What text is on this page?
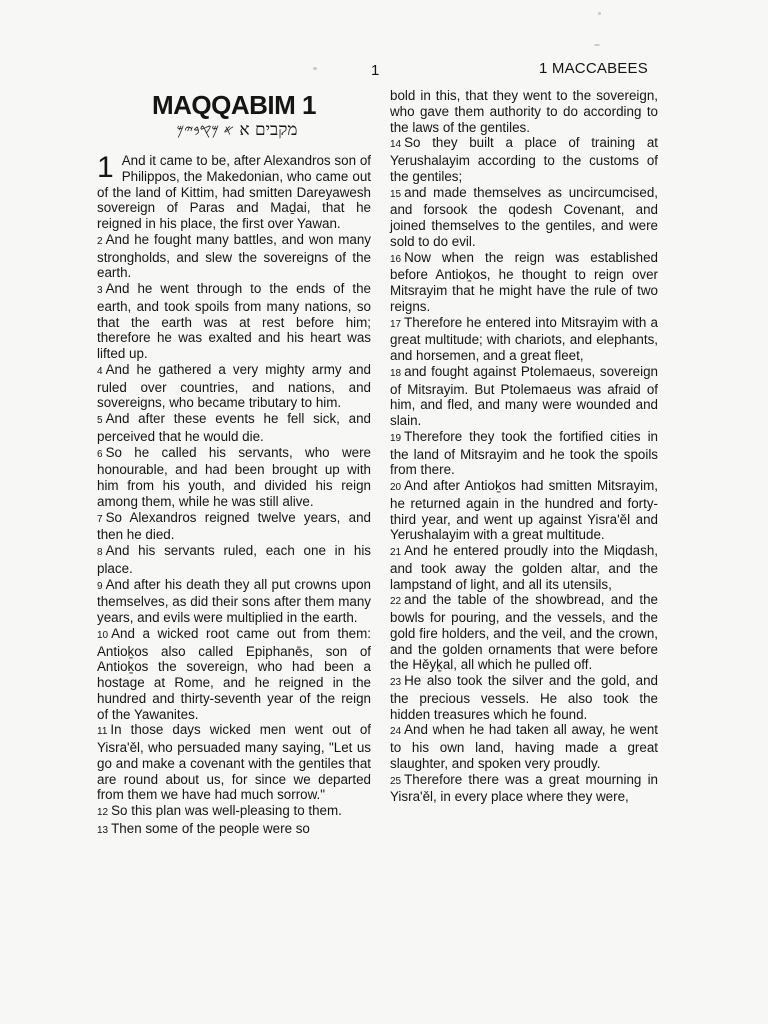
1	1 MACCABEES

MAQQABIM 1

מקבים א 𐤀 𐤌𐤒𐤁𐤉𐤌

1 And it came to be, after Alexandros son of Philippos, the Makedonian, who came out of the land of Kittim, had smitten Dareyawesh sovereign of Paras and Maḏai, that he reigned in his place, the first over Yawan.

2 And he fought many battles, and won many strongholds, and slew the sovereigns of the earth.

3 And he went through to the ends of the earth, and took spoils from many nations, so that the earth was at rest before him; therefore he was exalted and his heart was lifted up.

4 And he gathered a very mighty army and ruled over countries, and nations, and sovereigns, who became tributary to him.

5 And after these events he fell sick, and perceived that he would die.

6 So he called his servants, who were honourable, and had been brought up with him from his youth, and divided his reign among them, while he was still alive.

7 So Alexandros reigned twelve years, and then he died.

8 And his servants ruled, each one in his place.

9 And after his death they all put crowns upon themselves, as did their sons after them many years, and evils were multiplied in the earth.

10 And a wicked root came out from them: Antioḵos also called Epiphanēs, son of Antioḵos the sovereign, who had been a hostage at Rome, and he reigned in the hundred and thirty-seventh year of the reign of the Yawanites.

11 In those days wicked men went out of Yisra'ěl, who persuaded many saying, "Let us go and make a covenant with the gentiles that are round about us, for since we departed from them we have had much sorrow."

12 So this plan was well-pleasing to them.

13 Then some of the people were so

bold in this, that they went to the sovereign, who gave them authority to do according to the laws of the gentiles.

14 So they built a place of training at Yerushalayim according to the customs of the gentiles;

15 and made themselves as uncircumcised, and forsook the qodesh Covenant, and joined themselves to the gentiles, and were sold to do evil.

16 Now when the reign was established before Antioḵos, he thought to reign over Mitsrayim that he might have the rule of two reigns.

17 Therefore he entered into Mitsrayim with a great multitude; with chariots, and elephants, and horsemen, and a great fleet,

18 and fought against Ptolemaeus, sovereign of Mitsrayim. But Ptolemaeus was afraid of him, and fled, and many were wounded and slain.

19 Therefore they took the fortified cities in the land of Mitsrayim and he took the spoils from there.

20 And after Antioḵos had smitten Mitsrayim, he returned again in the hundred and forty-third year, and went up against Yisra'ěl and Yerushalayim with a great multitude.

21 And he entered proudly into the Miqdash, and took away the golden altar, and the lampstand of light, and all its utensils,

22 and the table of the showbread, and the bowls for pouring, and the vessels, and the gold fire holders, and the veil, and the crown, and the golden ornaments that were before the Hěyḵal, all which he pulled off.

23 He also took the silver and the gold, and the precious vessels. He also took the hidden treasures which he found.

24 And when he had taken all away, he went to his own land, having made a great slaughter, and spoken very proudly.

25 Therefore there was a great mourning in Yisra'ěl, in every place where they were,
